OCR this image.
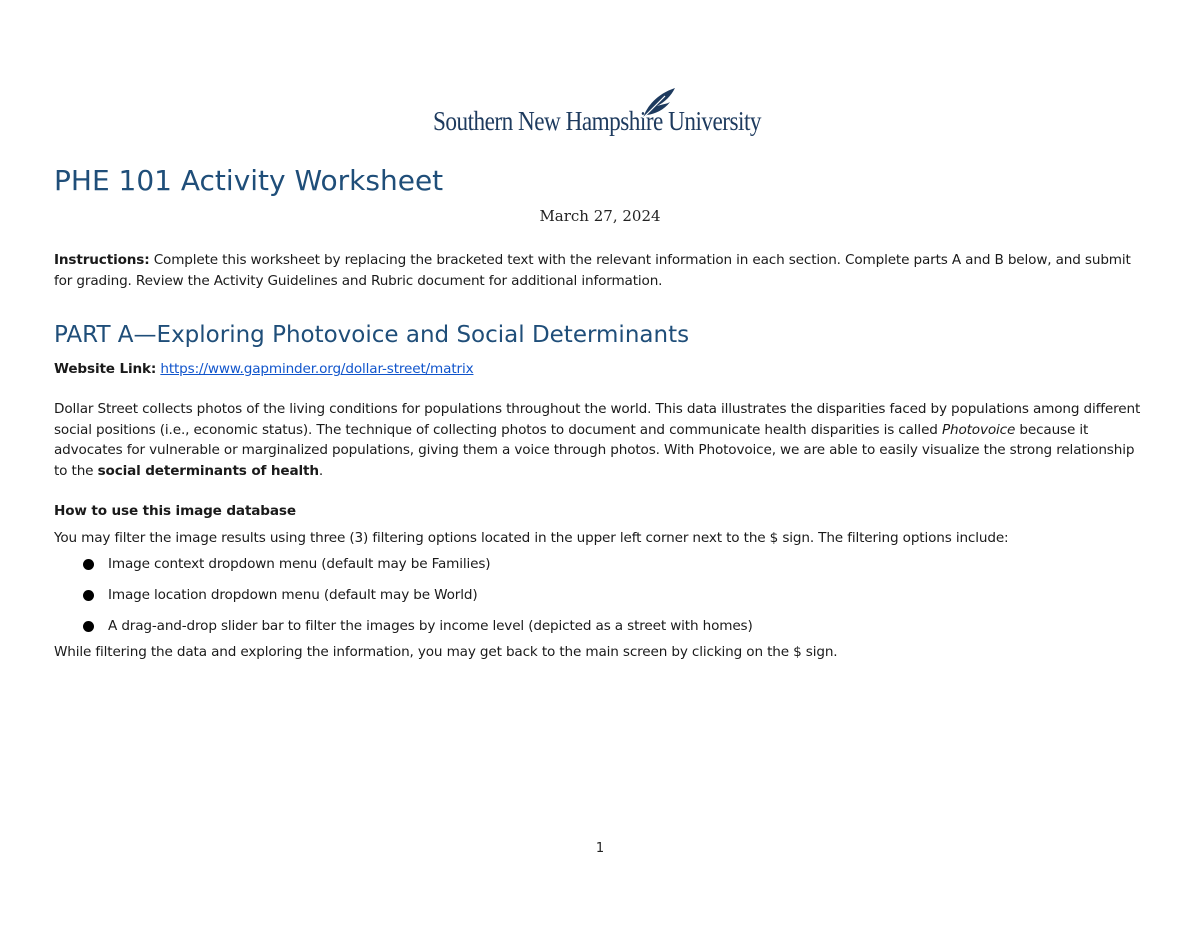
Southern New Hampshire University
PHE 101 Activity Worksheet
March 27, 2024
Instructions: Complete this worksheet by replacing the bracketed text with the relevant information in each section. Complete parts A and B below, and submit for grading. Review the Activity Guidelines and Rubric document for additional information.
PART A—Exploring Photovoice and Social Determinants
Website Link: https://www.gapminder.org/dollar-street/matrix
Dollar Street collects photos of the living conditions for populations throughout the world. This data illustrates the disparities faced by populations among different social positions (i.e., economic status). The technique of collecting photos to document and communicate health disparities is called Photovoice because it advocates for vulnerable or marginalized populations, giving them a voice through photos. With Photovoice, we are able to easily visualize the strong relationship to the social determinants of health.
How to use this image database
You may filter the image results using three (3) filtering options located in the upper left corner next to the $ sign. The filtering options include:
Image context dropdown menu (default may be Families)
Image location dropdown menu (default may be World)
A drag-and-drop slider bar to filter the images by income level (depicted as a street with homes)
While filtering the data and exploring the information, you may get back to the main screen by clicking on the $ sign.
1
